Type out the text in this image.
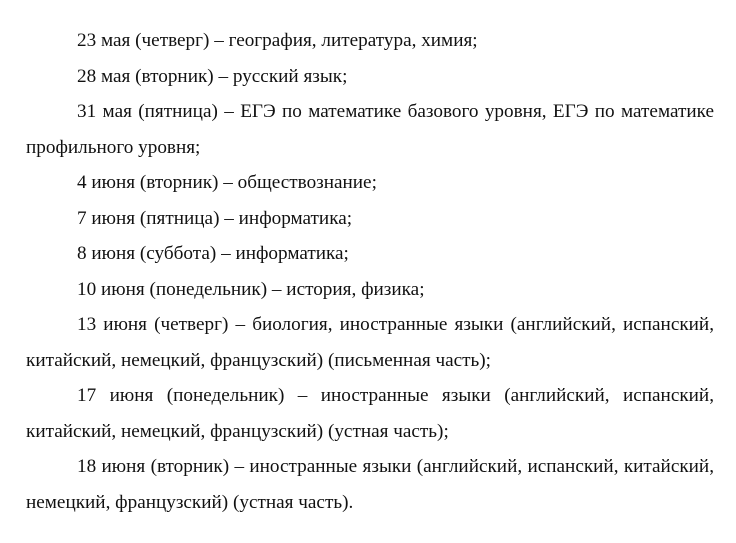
23 мая (четверг) – география, литература, химия;

28 мая (вторник) – русский язык;

31 мая (пятница) – ЕГЭ по математике базового уровня, ЕГЭ по математике профильного уровня;

4 июня (вторник) – обществознание;

7 июня (пятница) – информатика;

8 июня (суббота) – информатика;

10 июня (понедельник) – история, физика;

13 июня (четверг) – биология, иностранные языки (английский, испанский, китайский, немецкий, французский) (письменная часть);

17 июня (понедельник) – иностранные языки (английский, испанский, китайский, немецкий, французский) (устная часть);

18 июня (вторник) – иностранные языки (английский, испанский, китайский, немецкий, французский) (устная часть).
